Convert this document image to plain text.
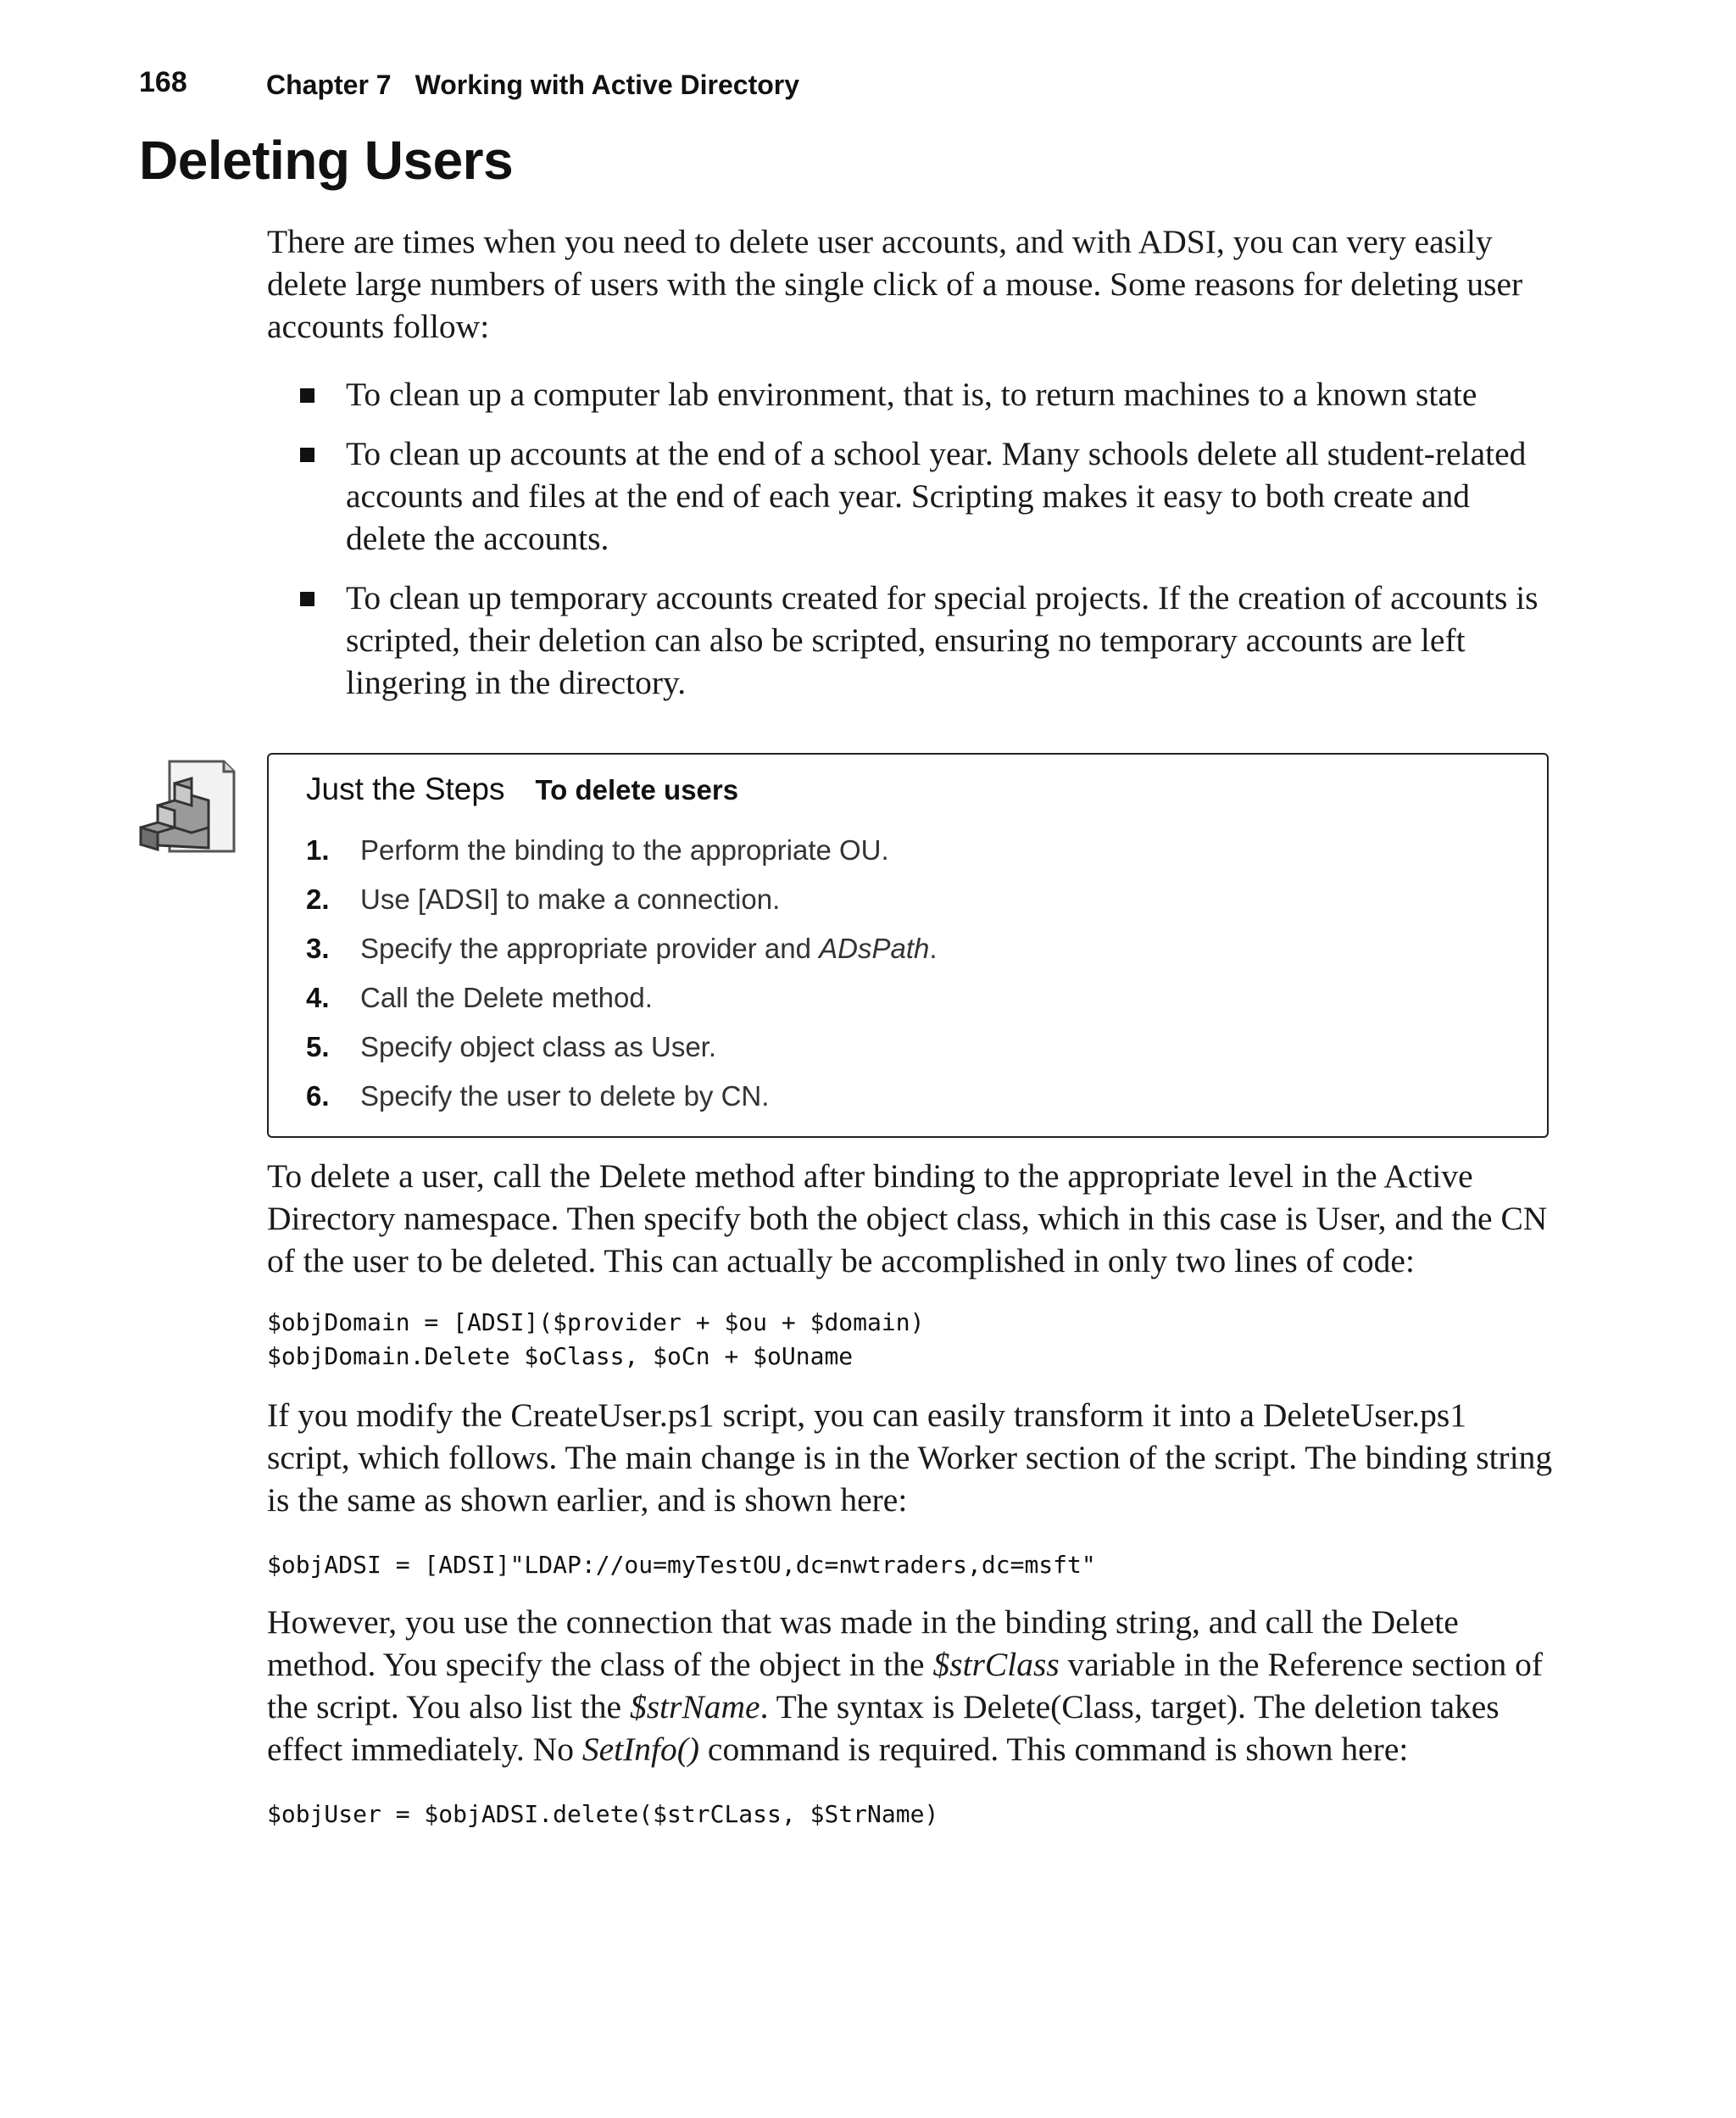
168	Chapter 7 Working with Active Directory
Deleting Users

There are times when you need to delete user accounts, and with ADSI, you can very easily delete large numbers of users with the single click of a mouse. Some reasons for deleting user accounts follow:

To clean up a computer lab environment, that is, to return machines to a known state
To clean up accounts at the end of a school year. Many schools delete all student-related accounts and files at the end of each year. Scripting makes it easy to both create and delete the accounts.
To clean up temporary accounts created for special projects. If the creation of accounts is scripted, their deletion can also be scripted, ensuring no temporary accounts are left lingering in the directory.
Just the Steps To delete users
1. Perform the binding to the appropriate OU.
2. Use [ADSI] to make a connection.
3. Specify the appropriate provider and ADsPath.
4. Call the Delete method.
5. Specify object class as User.
6. Specify the user to delete by CN.

To delete a user, call the Delete method after binding to the appropriate level in the Active Directory namespace. Then specify both the object class, which in this case is User, and the CN of the user to be deleted. This can actually be accomplished in only two lines of code:

$objDomain = [ADSI]($provider + $ou + $domain)
$objDomain.Delete $oClass, $oCn + $oUname

If you modify the CreateUser.ps1 script, you can easily transform it into a DeleteUser.ps1 script, which follows. The main change is in the Worker section of the script. The binding string is the same as shown earlier, and is shown here:

$objADSI = [ADSI]"LDAP://ou=myTestOU,dc=nwtraders,dc=msft"

However, you use the connection that was made in the binding string, and call the Delete method. You specify the class of the object in the $strClass variable in the Reference section of the script. You also list the $strName. The syntax is Delete(Class, target). The deletion takes effect immediately. No SetInfo() command is required. This command is shown here:

$objUser = $objADSI.delete($strCLass, $StrName)
